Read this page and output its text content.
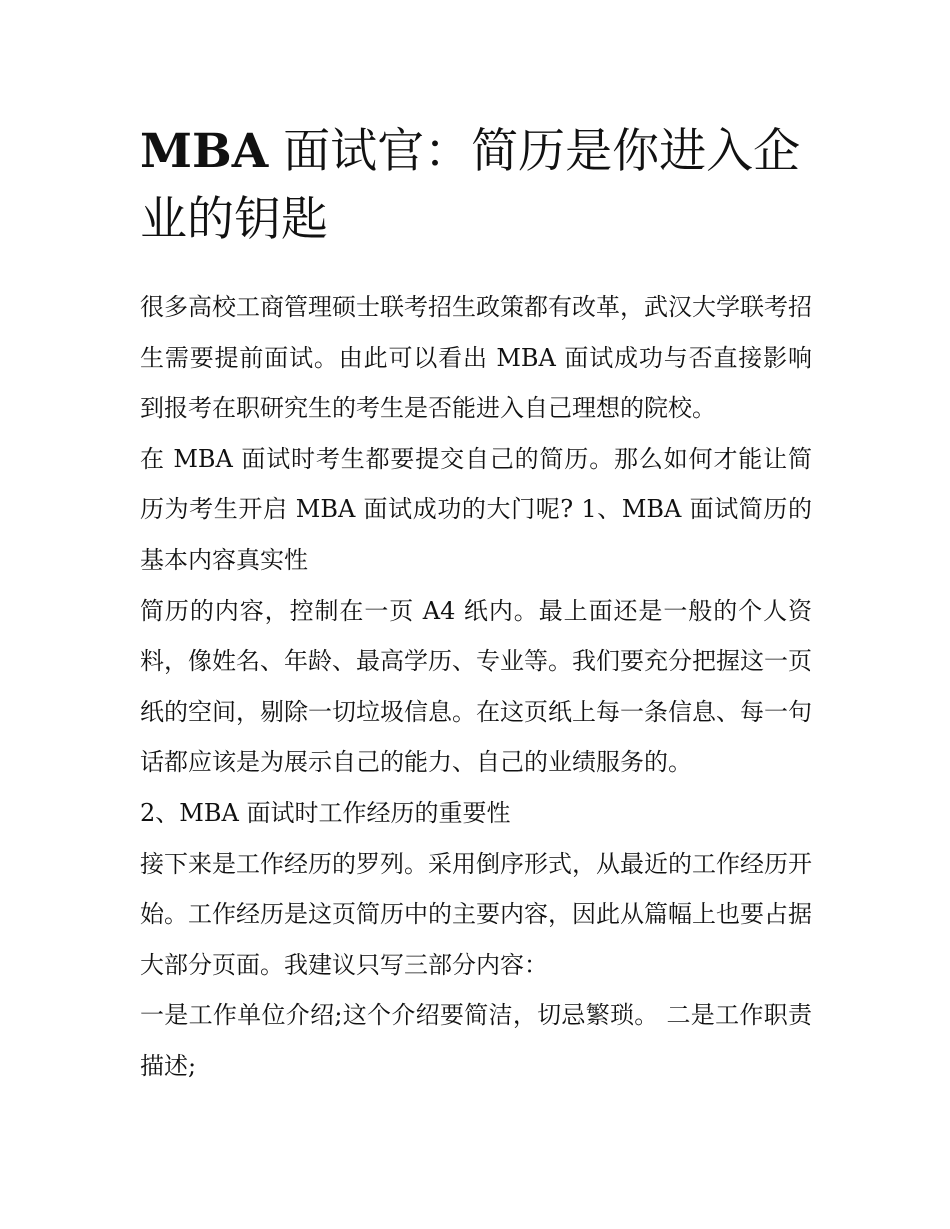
MBA 面试官：简历是你进入企业的钥匙

很多高校工商管理硕士联考招生政策都有改革，武汉大学联考招生需要提前面试。由此可以看出 MBA 面试成功与否直接影响到报考在职研究生的考生是否能进入自己理想的院校。

在 MBA 面试时考生都要提交自己的简历。那么如何才能让简历为考生开启 MBA 面试成功的大门呢? 1、MBA 面试简历的基本内容真实性

简历的内容，控制在一页 A4 纸内。最上面还是一般的个人资料，像姓名、年龄、最高学历、专业等。我们要充分把握这一页纸的空间，剔除一切垃圾信息。在这页纸上每一条信息、每一句话都应该是为展示自己的能力、自己的业绩服务的。

2、MBA 面试时工作经历的重要性

接下来是工作经历的罗列。采用倒序形式，从最近的工作经历开始。工作经历是这页简历中的主要内容，因此从篇幅上也要占据大部分页面。我建议只写三部分内容：

一是工作单位介绍;这个介绍要简洁，切忌繁琐。 二是工作职责描述;
